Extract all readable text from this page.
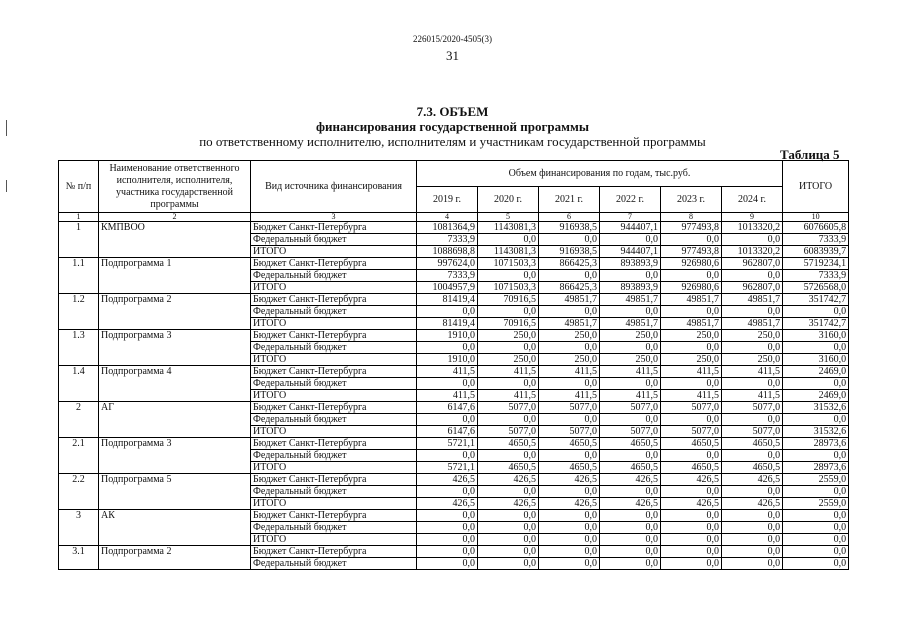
226015/2020-4505(3)
31
7.3. ОБЪЕМ
финансирования государственной программы
по ответственному исполнителю, исполнителям и участникам государственной программы
Таблица 5
№ п/п	Наименование ответственного исполнителя, исполнителя, участника государственной программы	Вид источника финансирования	Объем финансирования по годам, тыс.руб.						ИТОГО
			2019 г.	2020 г.	2021 г.	2022 г.	2023 г.	2024 г.	
1	2	3	4	5	6	7	8	9	10
1	КМПВОО	Бюджет Санкт-Петербурга	1081364,9	1143081,3	916938,5	944407,1	977493,8	1013320,2	6076605,8
		Федеральный бюджет	7333,9	0,0	0,0	0,0	0,0	0,0	7333,9
		ИТОГО	1088698,8	1143081,3	916938,5	944407,1	977493,8	1013320,2	6083939,7
1.1	Подпрограмма 1	Бюджет Санкт-Петербурга	997624,0	1071503,3	866425,3	893893,9	926980,6	962807,0	5719234,1
		Федеральный бюджет	7333,9	0,0	0,0	0,0	0,0	0,0	7333,9
		ИТОГО	1004957,9	1071503,3	866425,3	893893,9	926980,6	962807,0	5726568,0
1.2	Подпрограмма 2	Бюджет Санкт-Петербурга	81419,4	70916,5	49851,7	49851,7	49851,7	49851,7	351742,7
		Федеральный бюджет	0,0	0,0	0,0	0,0	0,0	0,0	0,0
		ИТОГО	81419,4	70916,5	49851,7	49851,7	49851,7	49851,7	351742,7
1.3	Подпрограмма 3	Бюджет Санкт-Петербурга	1910,0	250,0	250,0	250,0	250,0	250,0	3160,0
		Федеральный бюджет	0,0	0,0	0,0	0,0	0,0	0,0	0,0
		ИТОГО	1910,0	250,0	250,0	250,0	250,0	250,0	3160,0
1.4	Подпрограмма 4	Бюджет Санкт-Петербурга	411,5	411,5	411,5	411,5	411,5	411,5	2469,0
		Федеральный бюджет	0,0	0,0	0,0	0,0	0,0	0,0	0,0
		ИТОГО	411,5	411,5	411,5	411,5	411,5	411,5	2469,0
2	АГ	Бюджет Санкт-Петербурга	6147,6	5077,0	5077,0	5077,0	5077,0	5077,0	31532,6
		Федеральный бюджет	0,0	0,0	0,0	0,0	0,0	0,0	0,0
		ИТОГО	6147,6	5077,0	5077,0	5077,0	5077,0	5077,0	31532,6
2.1	Подпрограмма 3	Бюджет Санкт-Петербурга	5721,1	4650,5	4650,5	4650,5	4650,5	4650,5	28973,6
		Федеральный бюджет	0,0	0,0	0,0	0,0	0,0	0,0	0,0
		ИТОГО	5721,1	4650,5	4650,5	4650,5	4650,5	4650,5	28973,6
2.2	Подпрограмма 5	Бюджет Санкт-Петербурга	426,5	426,5	426,5	426,5	426,5	426,5	2559,0
		Федеральный бюджет	0,0	0,0	0,0	0,0	0,0	0,0	0,0
		ИТОГО	426,5	426,5	426,5	426,5	426,5	426,5	2559,0
3	АК	Бюджет Санкт-Петербурга	0,0	0,0	0,0	0,0	0,0	0,0	0,0
		Федеральный бюджет	0,0	0,0	0,0	0,0	0,0	0,0	0,0
		ИТОГО	0,0	0,0	0,0	0,0	0,0	0,0	0,0
3.1	Подпрограмма 2	Бюджет Санкт-Петербурга	0,0	0,0	0,0	0,0	0,0	0,0	0,0
		Федеральный бюджет	0,0	0,0	0,0	0,0	0,0	0,0	0,0
